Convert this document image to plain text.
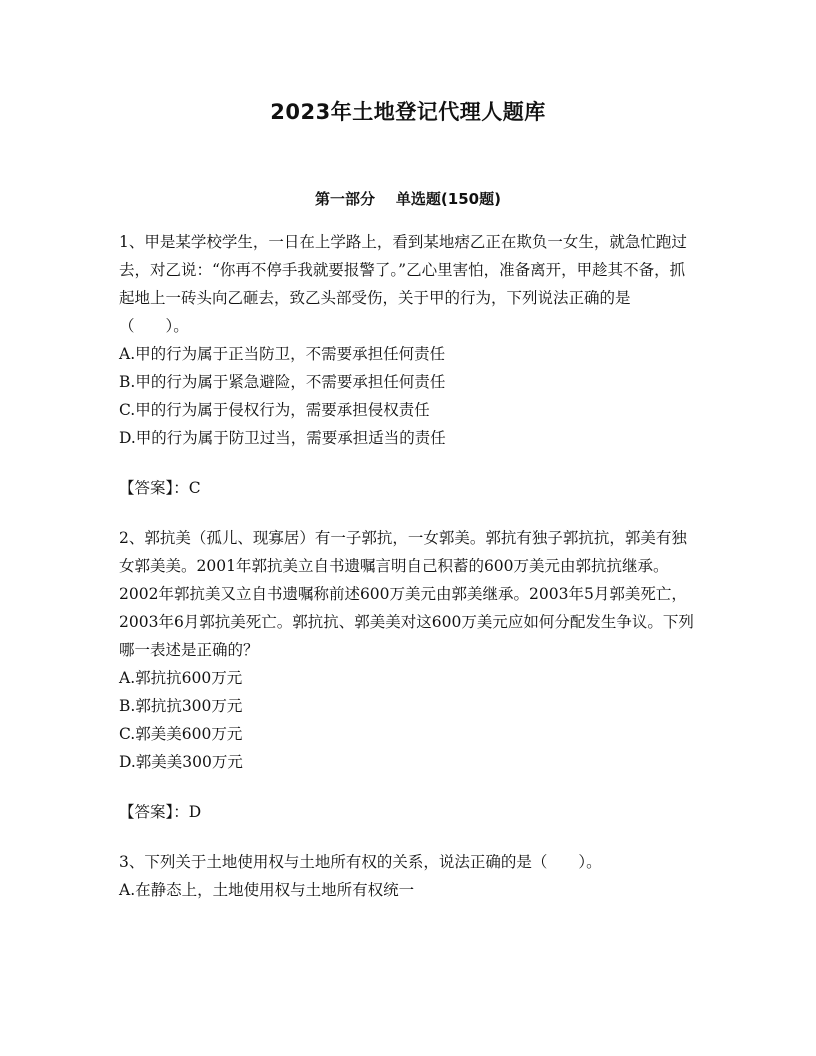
2023年土地登记代理人题库
第一部分    单选题(150题)

1、甲是某学校学生，一日在上学路上，看到某地痞乙正在欺负一女生，就急忙跑过去，对乙说：“你再不停手我就要报警了。”乙心里害怕，准备离开，甲趁其不备，抓起地上一砖头向乙砸去，致乙头部受伤，关于甲的行为，下列说法正确的是（　　）。

A.甲的行为属于正当防卫，不需要承担任何责任

B.甲的行为属于紧急避险，不需要承担任何责任

C.甲的行为属于侵权行为，需要承担侵权责任

D.甲的行为属于防卫过当，需要承担适当的责任

【答案】：C

2、郭抗美（孤儿、现寡居）有一子郭抗，一女郭美。郭抗有独子郭抗抗，郭美有独女郭美美。2001年郭抗美立自书遗嘱言明自己积蓄的600万美元由郭抗抗继承。2002年郭抗美又立自书遗嘱称前述600万美元由郭美继承。2003年5月郭美死亡，2003年6月郭抗美死亡。郭抗抗、郭美美对这600万美元应如何分配发生争议。下列哪一表述是正确的？

A.郭抗抗600万元

B.郭抗抗300万元

C.郭美美600万元

D.郭美美300万元

【答案】：D

3、下列关于土地使用权与土地所有权的关系，说法正确的是（　　）。

A.在静态上，土地使用权与土地所有权统一
